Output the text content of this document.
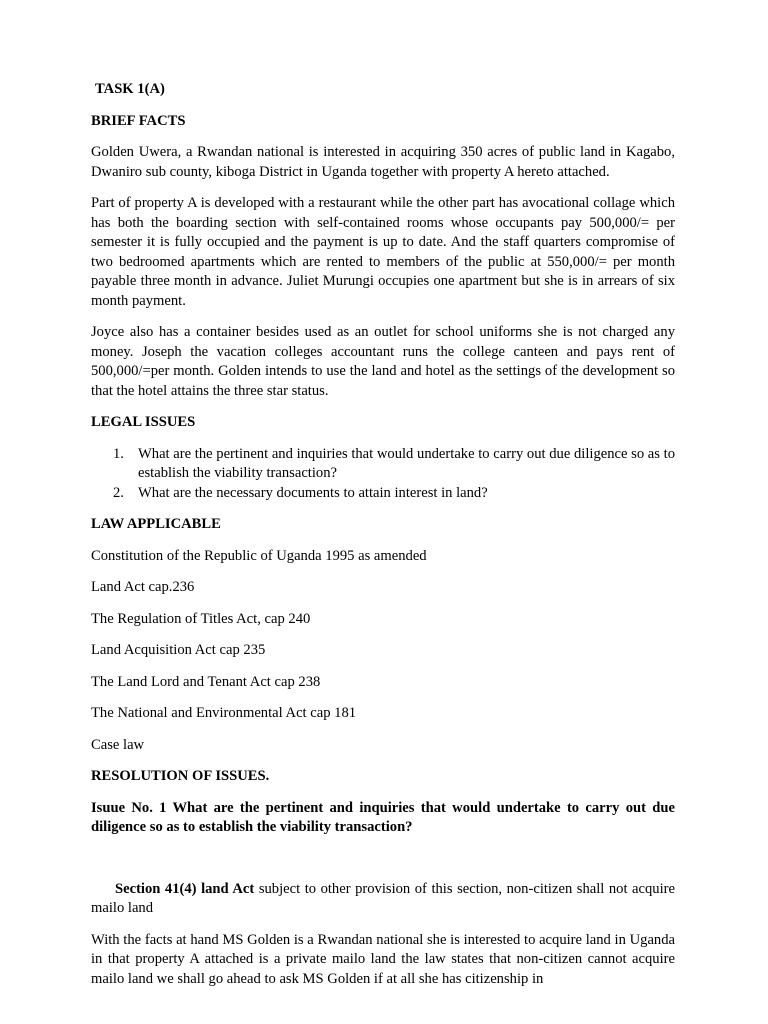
TASK 1(A)
BRIEF FACTS

Golden Uwera, a Rwandan national is interested in acquiring 350 acres of public land in Kagabo, Dwaniro sub county, kiboga District in Uganda together with property A hereto attached.

Part of property A is developed with a restaurant while the other part has avocational collage which has both the boarding section with self-contained rooms whose occupants pay 500,000/= per semester it is fully occupied and the payment is up to date. And the staff quarters compromise of two bedroomed apartments which are rented to members of the public at 550,000/= per month payable three month in advance. Juliet Murungi occupies one apartment but she is in arrears of six month payment.

Joyce also has a container besides used as an outlet for school uniforms she is not charged any money. Joseph the vacation colleges accountant runs the college canteen and pays rent of 500,000/=per month. Golden intends to use the land and hotel as the settings of the development so that the hotel attains the three star status.

LEGAL ISSUES
1. What are the pertinent and inquiries that would undertake to carry out due diligence so as to establish the viability transaction?
2. What are the necessary documents to attain interest in land?
LAW APPLICABLE
Constitution of the Republic of Uganda 1995 as amended
Land Act cap.236
The Regulation of Titles Act, cap 240
Land Acquisition Act cap 235
The Land Lord and Tenant Act cap 238
The National and Environmental Act cap 181
Case law
RESOLUTION OF ISSUES.

Isuue No. 1 What are the pertinent and inquiries that would undertake to carry out due diligence so as to establish the viability transaction?

Section 41(4) land Act subject to other provision of this section, non-citizen shall not acquire mailo land

With the facts at hand MS Golden is a Rwandan national she is interested to acquire land in Uganda in that property A attached is a private mailo land the law states that non-citizen cannot acquire mailo land we shall go ahead to ask MS Golden if at all she has citizenship in
